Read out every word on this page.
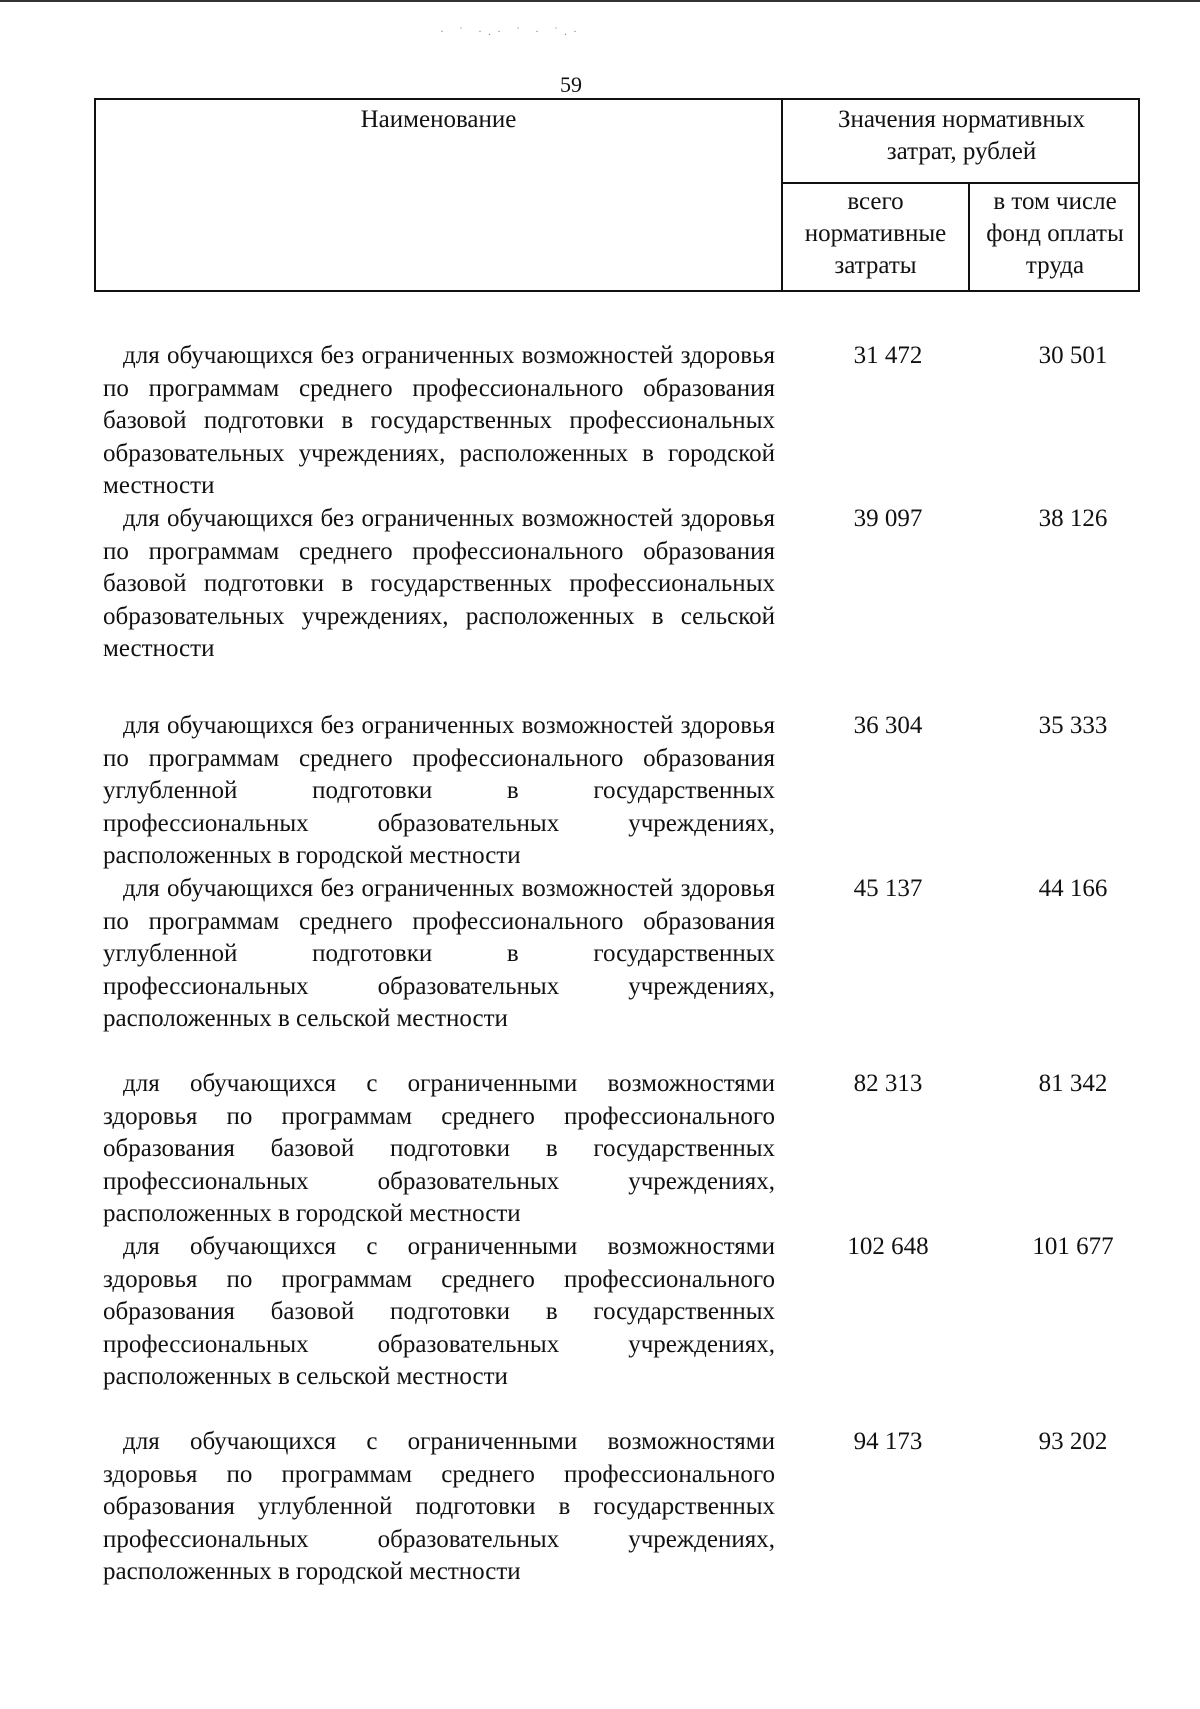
· ˙ ·.· ˙ · ˙.·
59
Наименование	Значения нормативных
затрат, рублей
всего
нормативные
затраты
в том числе
фонд оплаты
труда
для обучающихся без ограниченных возможностей здоровья по программам среднего профессионального образования базовой подготовки в государственных профессиональных образовательных учреждениях, расположенных в городской местности
31 472	30 501
для обучающихся без ограниченных возможностей здоровья по программам среднего профессионального образования базовой подготовки в государственных профессиональных образовательных учреждениях, расположенных в сельской местности
39 097	38 126
для обучающихся без ограниченных возможностей здоровья по программам среднего профессионального образования углубленной подготовки в государственных профессиональных образовательных учреждениях, расположенных в городской местности
36 304	35 333
для обучающихся без ограниченных возможностей здоровья по программам среднего профессионального образования углубленной подготовки в государственных профессиональных образовательных учреждениях, расположенных в сельской местности
45 137	44 166
для обучающихся с ограниченными возможностями здоровья по программам среднего профессионального образования базовой подготовки в государственных профессиональных образовательных учреждениях, расположенных в городской местности
82 313	81 342
для обучающихся с ограниченными возможностями здоровья по программам среднего профессионального образования базовой подготовки в государственных профессиональных образовательных учреждениях, расположенных в сельской местности
102 648	101 677
для обучающихся с ограниченными возможностями здоровья по программам среднего профессионального образования углубленной подготовки в государственных профессиональных образовательных учреждениях, расположенных в городской местности
94 173	93 202
